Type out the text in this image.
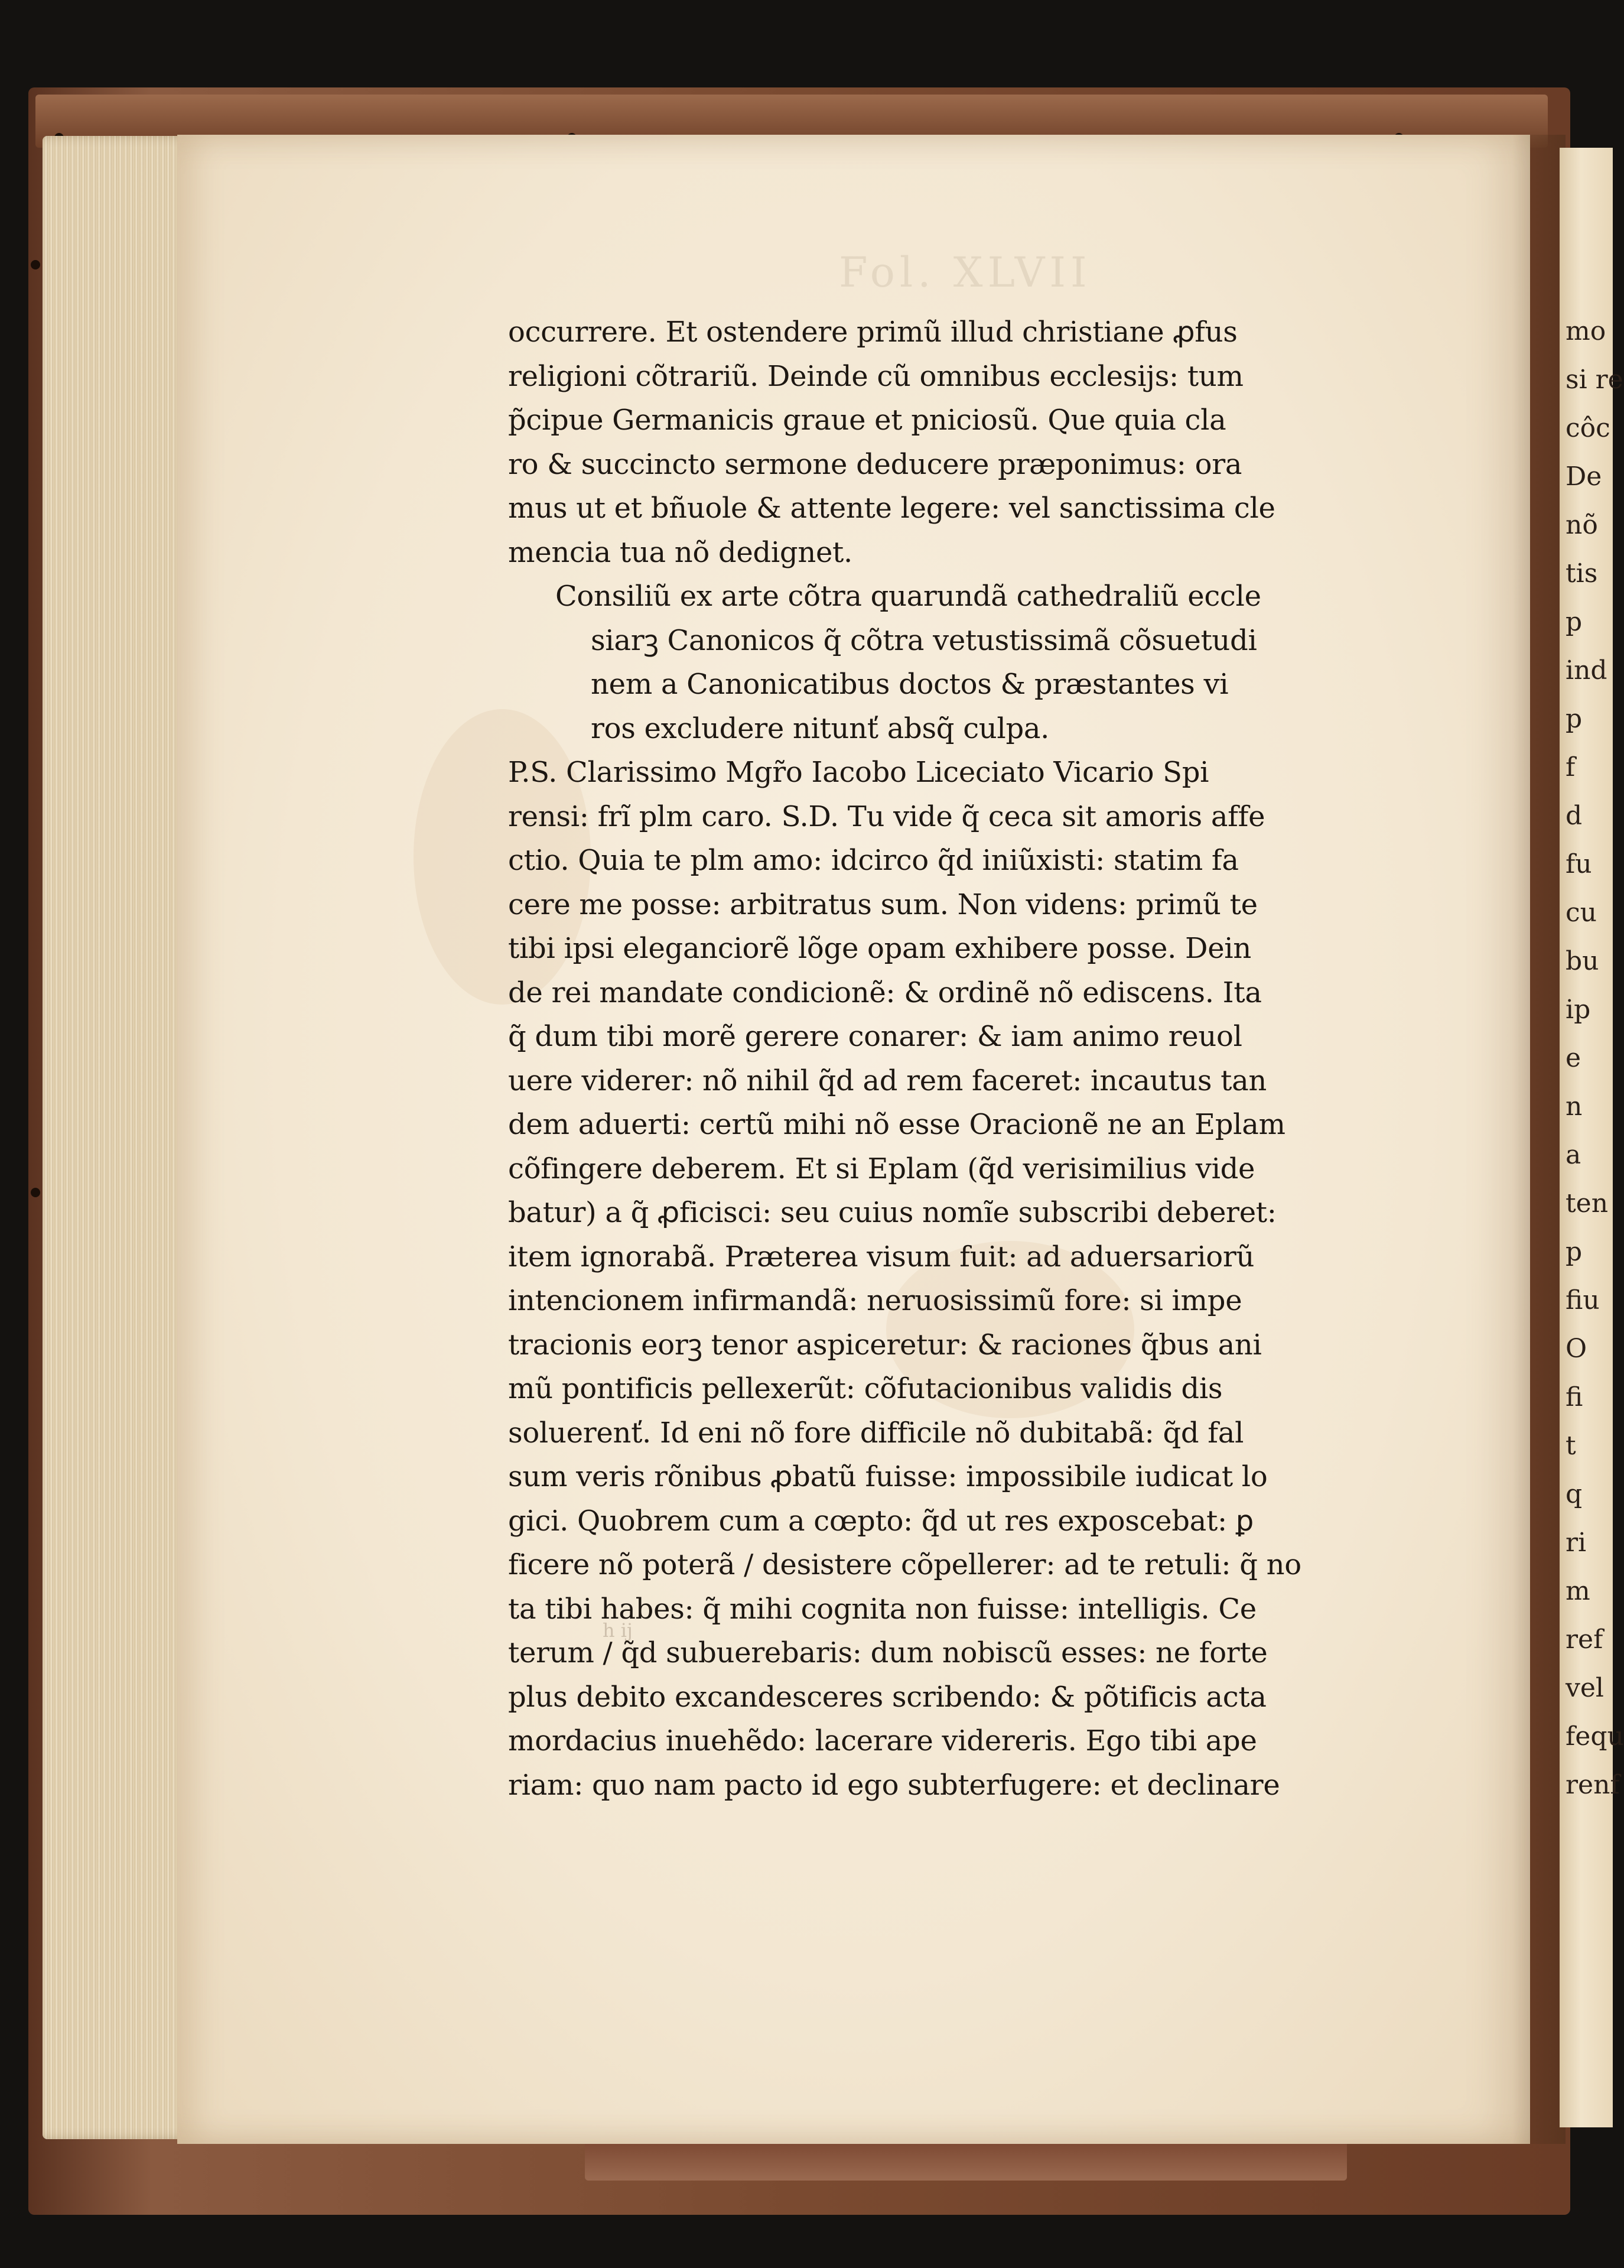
Fol. XLVII
mo
si re
côc
De
nõ
tis
p
ind
p
f
d
fu
cu
bu
ip
e
n
a
ten
p
fiu
O
fi
t
q
ri
m
ref
vel
fequ
renf
occurrere. Et ostendere primũ illud christiane ꝓfus
religioni cõtrariũ. Deinde cũ omnibus ecclesijs: tum
p̃cipue Germanicis graue et pniciosũ. Que quia cla
ro & succincto sermone deducere præponimus: ora
mus ut et bñuole & attente legere: vel sanctissima cle
mencia tua nõ dedignet.
Consiliũ ex arte cõtra quarundã cathedraliũ eccle
siarꝫ Canonicos q̃ cõtra vetustissimã cõsuetudi
nem a Canonicatibus doctos & præstantes vi
ros excludere nitunť absq̃ culpa.
P.S. Clarissimo Mgr̃o Iacobo Liceciato Vicario Spi
rensi: frĩ plm caro. S.D. Tu vide q̃ ceca sit amoris affe
ctio. Quia te plm amo: idcirco q̃d iniũxisti: statim fa
cere me posse: arbitratus sum. Non videns: primũ te
tibi ipsi eleganciorẽ lõge opam exhibere posse. Dein
de rei mandate condicionẽ: & ordinẽ nõ ediscens. Ita
q̃ dum tibi morẽ gerere conarer: & iam animo reuol
uere viderer: nõ nihil q̃d ad rem faceret: incautus tan
dem aduerti: certũ mihi nõ esse Oracionẽ ne an Eplam
cõfingere deberem. Et si Eplam (q̃d verisimilius vide
batur) a q̃ ꝓficisci: seu cuius nomĩe subscribi deberet:
item ignorabã. Præterea visum fuit: ad aduersariorũ
intencionem infirmandã: neruosissimũ fore: si impe
tracionis eorꝫ tenor aspiceretur: & raciones q̃bus ani
mũ pontificis pellexerũt: cõfutacionibus validis dis
soluerenť. Id eni nõ fore difficile nõ dubitabã: q̃d fal
sum veris rõnibus ꝓbatũ fuisse: impossibile iudicat lo
gici. Quobrem cum a cœpto: q̃d ut res exposcebat: ꝑ
ficere nõ poterã / desistere cõpellerer: ad te retuli: q̃ no
ta tibi habes: q̃ mihi cognita non fuisse: intelligis. Ce
terum / q̃d subuerebaris: dum nobiscũ esses: ne forte
plus debito excandesceres scribendo: & põtificis acta
mordacius inuehẽdo: lacerare videreris. Ego tibi ape
riam: quo nam pacto id ego subterfugere: et declinare
h ij
